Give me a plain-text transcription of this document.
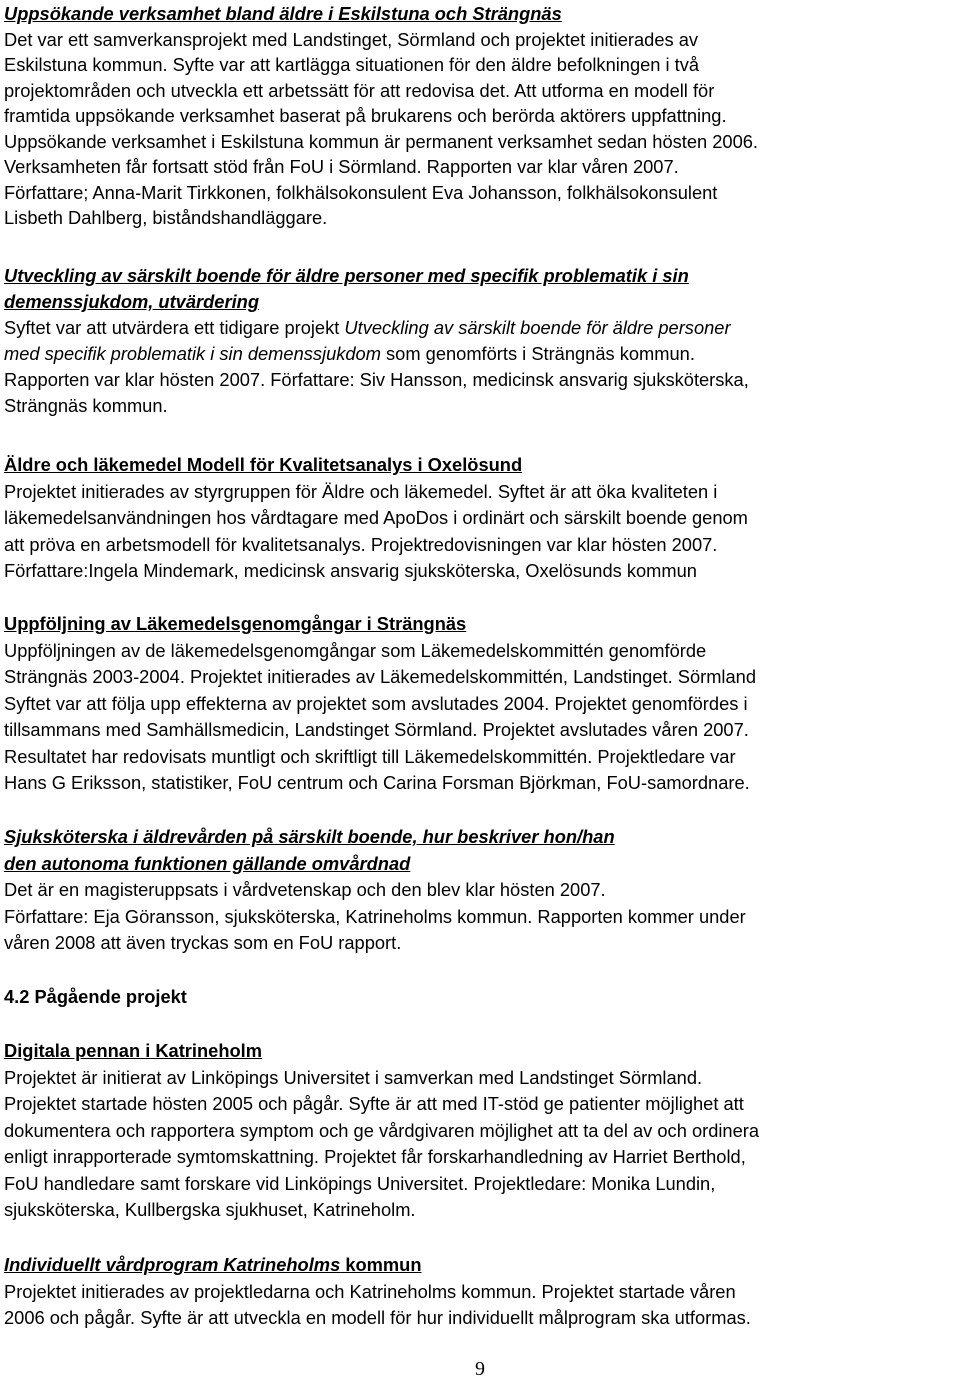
Uppsökande verksamhet bland äldre i Eskilstuna och Strängnäs
Det var ett samverkansprojekt med Landstinget, Sörmland och projektet initierades av
Eskilstuna kommun. Syfte var att kartlägga situationen för den äldre befolkningen i två
projektområden och utveckla ett arbetssätt för att redovisa det. Att utforma en modell för
framtida uppsökande verksamhet baserat på brukarens och berörda aktörers uppfattning.
Uppsökande verksamhet i Eskilstuna kommun är permanent verksamhet sedan hösten 2006.
Verksamheten får fortsatt stöd från FoU i Sörmland. Rapporten var klar våren 2007.
Författare; Anna-Marit Tirkkonen, folkhälsokonsulent Eva Johansson, folkhälsokonsulent
Lisbeth Dahlberg, biståndshandläggare.
Utveckling av särskilt boende för äldre personer med specifik problematik i sin
demenssjukdom, utvärdering
Syftet var att utvärdera ett tidigare projekt Utveckling av särskilt boende för äldre personer
med specifik problematik i sin demenssjukdom som genomförts i Strängnäs kommun.
Rapporten var klar hösten 2007. Författare: Siv Hansson, medicinsk ansvarig sjuksköterska,
Strängnäs kommun.
Äldre och läkemedel Modell för Kvalitetsanalys i Oxelösund
Projektet initierades av styrgruppen för Äldre och läkemedel. Syftet är att öka kvaliteten i
läkemedelsanvändningen hos vårdtagare med ApoDos i ordinärt och särskilt boende genom
att pröva en arbetsmodell för kvalitetsanalys. Projektredovisningen var klar hösten 2007.
Författare:Ingela Mindemark, medicinsk ansvarig sjuksköterska, Oxelösunds kommun
Uppföljning av Läkemedelsgenomgångar i Strängnäs
Uppföljningen av de läkemedelsgenomgångar som Läkemedelskommittén genomförde
Strängnäs 2003-2004. Projektet initierades av Läkemedelskommittén, Landstinget. Sörmland
Syftet var att följa upp effekterna av projektet som avslutades 2004. Projektet genomfördes i
tillsammans med Samhällsmedicin, Landstinget Sörmland. Projektet avslutades våren 2007.
Resultatet har redovisats muntligt och skriftligt till Läkemedelskommittén. Projektledare var
Hans G Eriksson, statistiker, FoU centrum och Carina Forsman Björkman, FoU-samordnare.
Sjuksköterska i äldrevården på särskilt boende, hur beskriver hon/han
den autonoma funktionen gällande omvårdnad
Det är en magisteruppsats i vårdvetenskap och den blev klar hösten 2007.
Författare: Eja Göransson, sjuksköterska, Katrineholms kommun. Rapporten kommer under
våren 2008 att även tryckas som en FoU rapport.
4.2 Pågående projekt
Digitala pennan i Katrineholm
Projektet är initierat av Linköpings Universitet i samverkan med Landstinget Sörmland.
Projektet startade hösten 2005 och pågår. Syfte är att med IT-stöd ge patienter möjlighet att
dokumentera och rapportera symptom och ge vårdgivaren möjlighet att ta del av och ordinera
enligt inrapporterade symtomskattning. Projektet får forskarhandledning av Harriet Berthold,
FoU handledare samt forskare vid Linköpings Universitet. Projektledare: Monika Lundin,
sjuksköterska, Kullbergska sjukhuset, Katrineholm.
Individuellt vårdprogram Katrineholms kommun
Projektet initierades av projektledarna och Katrineholms kommun. Projektet startade våren
2006 och pågår. Syfte är att utveckla en modell för hur individuellt målprogram ska utformas.
9
